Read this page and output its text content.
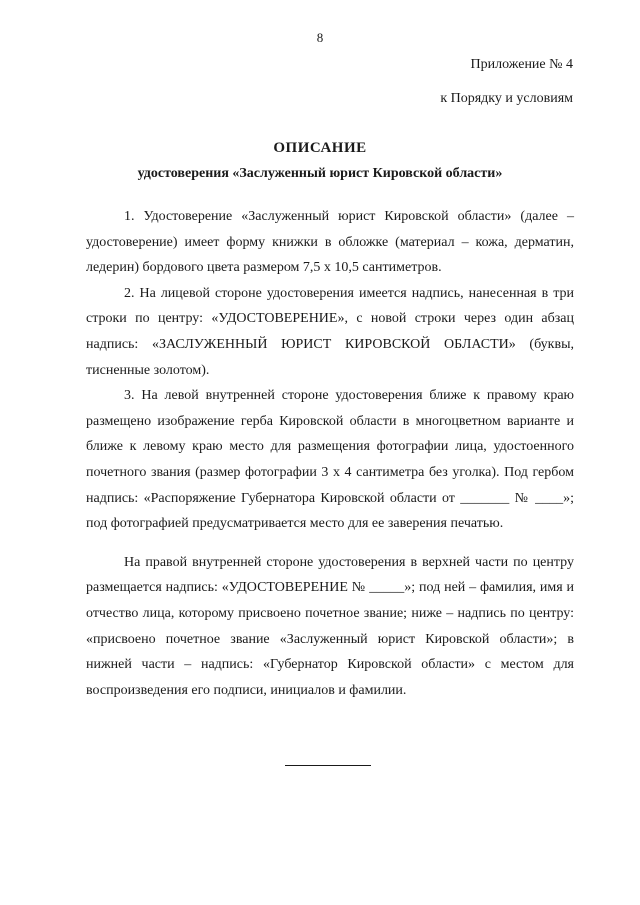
8
Приложение № 4
к Порядку и условиям
ОПИСАНИЕ
удостоверения «Заслуженный юрист Кировской области»

1. Удостоверение «Заслуженный юрист Кировской области» (далее – удостоверение) имеет форму книжки в обложке (материал – кожа, дерматин, ледерин) бордового цвета размером 7,5 х 10,5 сантиметров.

2. На лицевой стороне удостоверения имеется надпись, нанесенная в три строки по центру: «УДОСТОВЕРЕНИЕ», с новой строки через один абзац надпись: «ЗАСЛУЖЕННЫЙ ЮРИСТ КИРОВСКОЙ ОБЛАСТИ» (буквы, тисненные золотом).

3. На левой внутренней стороне удостоверения ближе к правому краю размещено изображение герба Кировской области в многоцветном варианте и ближе к левому краю место для размещения фотографии лица, удостоенного почетного звания (размер фотографии 3 х 4 сантиметра без уголка). Под гербом надпись: «Распоряжение Губернатора Кировской области от _______ № ____»; под фотографией предусматривается место для ее заверения печатью.

На правой внутренней стороне удостоверения в верхней части по центру размещается надпись: «УДОСТОВЕРЕНИЕ № _____»; под ней – фамилия, имя и отчество лица, которому присвоено почетное звание; ниже – надпись по центру: «присвоено почетное звание «Заслуженный юрист Кировской области»; в нижней части – надпись: «Губернатор Кировской области» с местом для воспроизведения его подписи, инициалов и фамилии.
